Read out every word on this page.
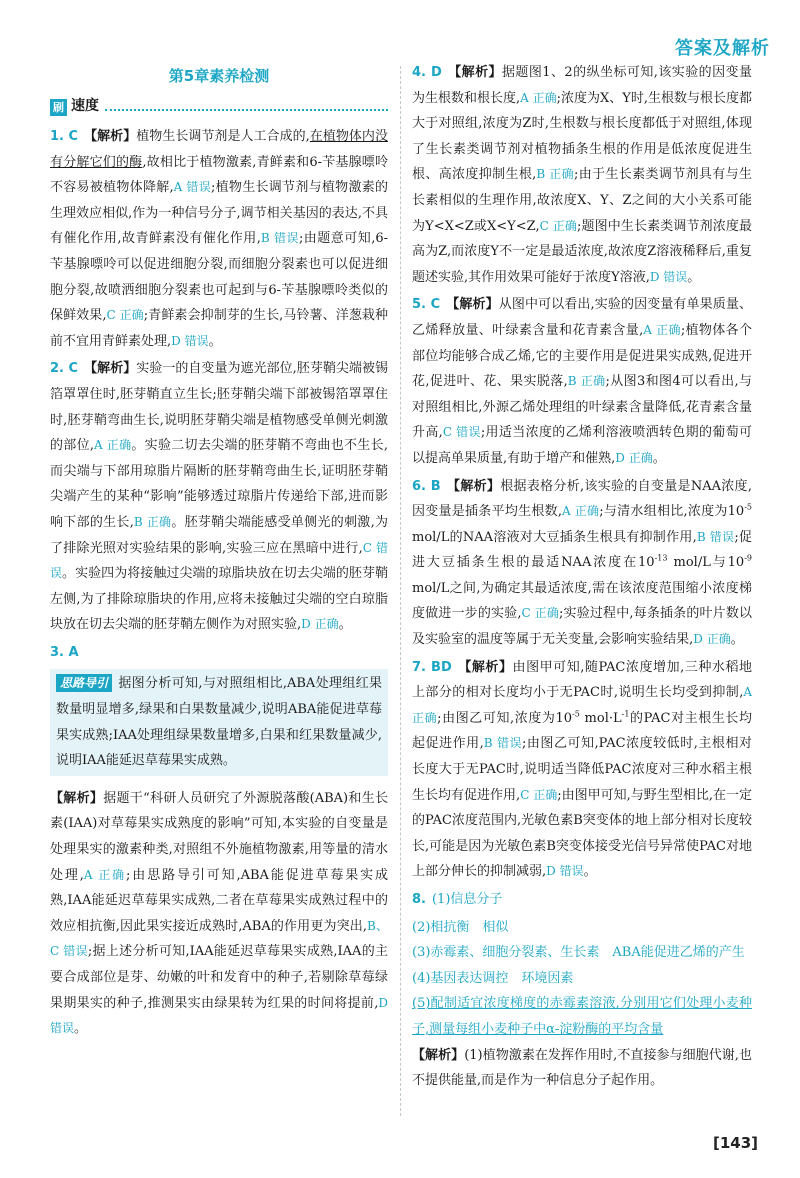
答案及解析
第5章素养检测
刷 速度

1. C 【解析】植物生长调节剂是人工合成的,在植物体内没有分解它们的酶,故相比于植物激素,青鲜素和6-苄基腺嘌呤不容易被植物体降解,A 错误;植物生长调节剂与植物激素的生理效应相似,作为一种信号分子,调节相关基因的表达,不具有催化作用,故青鲜素没有催化作用,B 错误;由题意可知,6-苄基腺嘌呤可以促进细胞分裂,而细胞分裂素也可以促进细胞分裂,故喷洒细胞分裂素也可起到与6-苄基腺嘌呤类似的保鲜效果,C 正确;青鲜素会抑制芽的生长,马铃薯、洋葱栽种前不宜用青鲜素处理,D 错误。

2. C 【解析】实验一的自变量为遮光部位,胚芽鞘尖端被锡箔罩罩住时,胚芽鞘直立生长;胚芽鞘尖端下部被锡箔罩罩住时,胚芽鞘弯曲生长,说明胚芽鞘尖端是植物感受单侧光刺激的部位,A 正确。实验二切去尖端的胚芽鞘不弯曲也不生长,而尖端与下部用琼脂片隔断的胚芽鞘弯曲生长,证明胚芽鞘尖端产生的某种“影响”能够透过琼脂片传递给下部,进而影响下部的生长,B 正确。胚芽鞘尖端能感受单侧光的刺激,为了排除光照对实验结果的影响,实验三应在黑暗中进行,C 错误。实验四为将接触过尖端的琼脂块放在切去尖端的胚芽鞘左侧,为了排除琼脂块的作用,应将未接触过尖端的空白琼脂块放在切去尖端的胚芽鞘左侧作为对照实验,D 正确。

3. A

思路导引 据图分析可知,与对照组相比,ABA处理组红果数量明显增多,绿果和白果数量减少,说明ABA能促进草莓果实成熟;IAA处理组绿果数量增多,白果和红果数量减少,说明IAA能延迟草莓果实成熟。

【解析】据题干“科研人员研究了外源脱落酸(ABA)和生长素(IAA)对草莓果实成熟度的影响”可知,本实验的自变量是处理果实的激素种类,对照组不外施植物激素,用等量的清水处理,A 正确;由思路导引可知,ABA能促进草莓果实成熟,IAA能延迟草莓果实成熟,二者在草莓果实成熟过程中的效应相抗衡,因此果实接近成熟时,ABA的作用更为突出,B、C 错误;据上述分析可知,IAA能延迟草莓果实成熟,IAA的主要合成部位是芽、幼嫩的叶和发育中的种子,若剔除草莓绿果期果实的种子,推测果实由绿果转为红果的时间将提前,D 错误。

4. D 【解析】据题图1、2的纵坐标可知,该实验的因变量为生根数和根长度,A 正确;浓度为X、Y时,生根数与根长度都大于对照组,浓度为Z时,生根数与根长度都低于对照组,体现了生长素类调节剂对植物插条生根的作用是低浓度促进生根、高浓度抑制生根,B 正确;由于生长素类调节剂具有与生长素相似的生理作用,故浓度X、Y、Z之间的大小关系可能为Y<X<Z或X<Y<Z,C 正确;题图中生长素类调节剂浓度最高为Z,而浓度Y不一定是最适浓度,故浓度Z溶液稀释后,重复题述实验,其作用效果可能好于浓度Y溶液,D 错误。

5. C 【解析】从图中可以看出,实验的因变量有单果质量、乙烯释放量、叶绿素含量和花青素含量,A 正确;植物体各个部位均能够合成乙烯,它的主要作用是促进果实成熟,促进开花,促进叶、花、果实脱落,B 正确;从图3和图4可以看出,与对照组相比,外源乙烯处理组的叶绿素含量降低,花青素含量升高,C 错误;用适当浓度的乙烯利溶液喷洒转色期的葡萄可以提高单果质量,有助于增产和催熟,D 正确。

6. B 【解析】根据表格分析,该实验的自变量是NAA浓度,因变量是插条平均生根数,A 正确;与清水组相比,浓度为$10^{-5}$ mol/L的NAA溶液对大豆插条生根具有抑制作用,B 错误;促进大豆插条生根的最适NAA浓度在$10^{-13}$ mol/L与$10^{-9}$ mol/L之间,为确定其最适浓度,需在该浓度范围缩小浓度梯度做进一步的实验,C 正确;实验过程中,每条插条的叶片数以及实验室的温度等属于无关变量,会影响实验结果,D 正确。

7. BD 【解析】由图甲可知,随PAC浓度增加,三种水稻地上部分的相对长度均小于无PAC时,说明生长均受到抑制,A 正确;由图乙可知,浓度为$10^{-5}$ $mol\cdot L^{-1}$的PAC对主根生长均起促进作用,B 错误;由图乙可知,PAC浓度较低时,主根相对长度大于无PAC时,说明适当降低PAC浓度对三种水稻主根生长均有促进作用,C 正确;由图甲可知,与野生型相比,在一定的PAC浓度范围内,光敏色素B突变体的地上部分相对长度较长,可能是因为光敏色素B突变体接受光信号异常使PAC对地上部分伸长的抑制减弱,D 错误。

8. (1)信息分子

(2)相抗衡　相似

(3)赤霉素、细胞分裂素、生长素　ABA能促进乙烯的产生

(4)基因表达调控　环境因素

(5)配制适宜浓度梯度的赤霉素溶液,分别用它们处理小麦种子,测量每组小麦种子中α-淀粉酶的平均含量

【解析】(1)植物激素在发挥作用时,不直接参与细胞代谢,也不提供能量,而是作为一种信息分子起作用。

[143]
